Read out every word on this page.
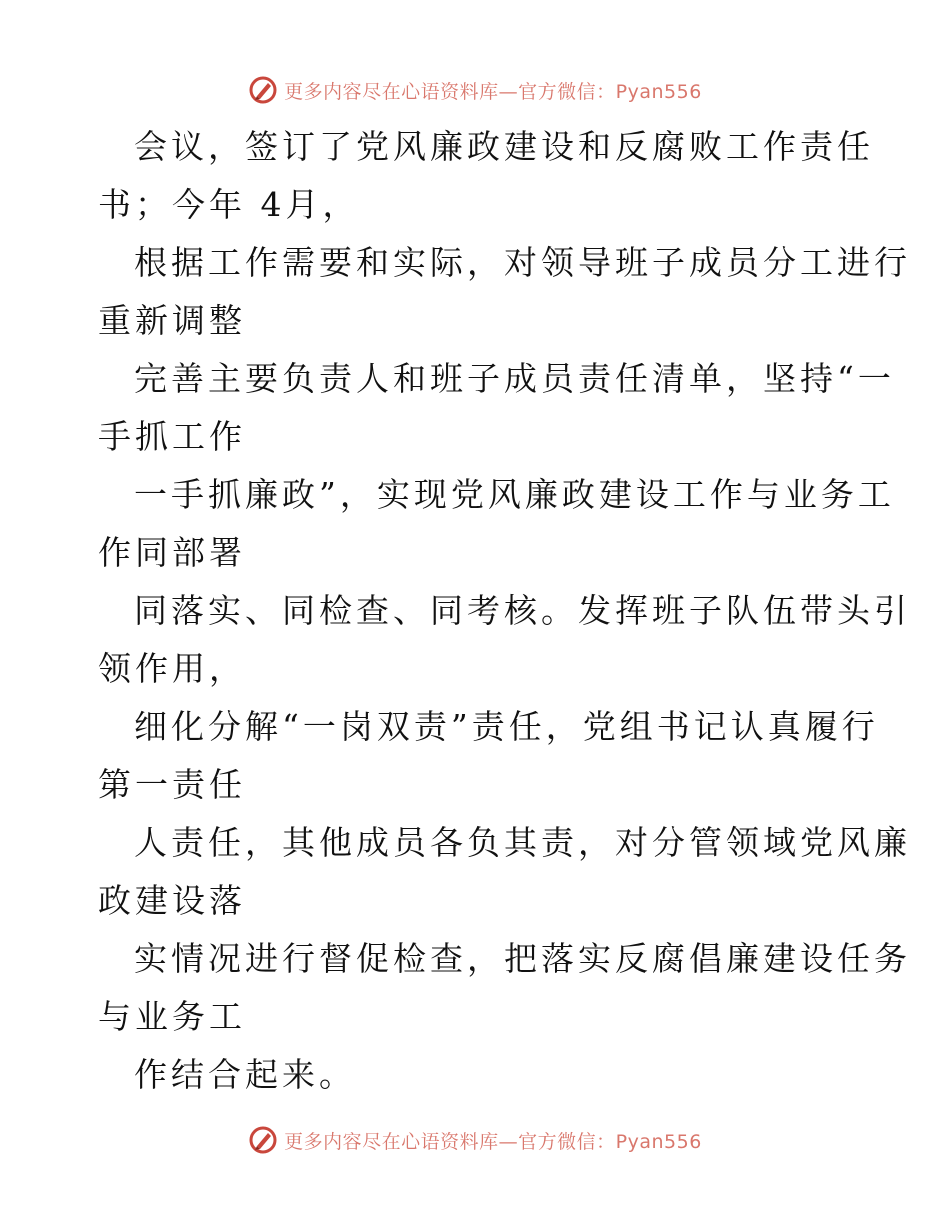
更多内容尽在心语资料库—官方微信：Pyan556

会议，签订了党风廉政建设和反腐败工作责任
书；今年 4月，

根据工作需要和实际，对领导班子成员分工进行
重新调整

完善主要负责人和班子成员责任清单，坚持“一
手抓工作

一手抓廉政”，实现党风廉政建设工作与业务工
作同部署

同落实、同检查、同考核。发挥班子队伍带头引
领作用，

细化分解“一岗双责”责任，党组书记认真履行
第一责任

人责任，其他成员各负其责，对分管领域党风廉
政建设落

实情况进行督促检查，把落实反腐倡廉建设任务
与业务工

作结合起来。

更多内容尽在心语资料库—官方微信：Pyan556
